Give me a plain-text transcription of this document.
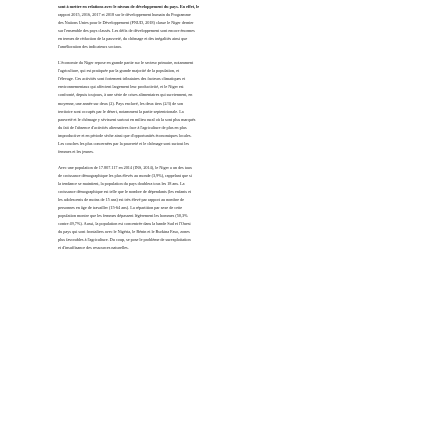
sont à mettre en relations avec le niveau de développement du pays. En effet, le

rapport 2015, 2016, 2017 et 2018 sur le développement humain du Programme

des Nations Unies pour le Développement (PNUD, 2018) classe le Niger dernier

sur l'ensemble des pays classés. Les défis de développement sont encore énormes

en termes de réduction de la pauvreté, du chômage et des inégalités ainsi que

l'amélioration des indicateurs sociaux.

L'économie du Niger repose en grande partie sur le secteur primaire, notamment

l'agriculture, qui est pratiquée par la grande majorité de la population, et

l'élevage. Ces activités sont fortement tributaires des facteurs climatiques et

environnementaux qui affectent largement leur productivité, et le Niger est

confronté, depuis toujours, à une série de crises alimentaires qui surviennent, en

moyenne, une année sur deux (2). Pays enclavé, les deux tiers (2/3) de son

territoire sont occupés par le désert, notamment la partie septentrionale. La

pauvreté et le chômage y sévissent surtout en milieu rural où la sont plus marqués

du fait de l'absence d'activités alternatives face à l'agriculture de plus en plus

improductive et en période sèche ainsi que d'opportunités économiques locales.

Les couches les plus concernées par la pauvreté et le chômage sont surtout les

femmes et les jeunes.

Avec une population de 17.807.117 en 2014 (INS, 2014), le Niger a un des taux

de croissance démographique les plus élevés au monde (3,9%), rappelant que si

la tendance se maintient, la population du pays doublera tous les 18 ans. La

croissance démographique est telle que le nombre de dépendants (les enfants et

les adolescents de moins de 15 ans) est très élevé par rapport au nombre de

personnes en âge de travailler (15-64 ans). La répartition par sexe de cette

population montre que les femmes dépassent légèrement les hommes (50,3%

contre 49,7%). Aussi, la population est concentrée dans la bande Sud et l'Ouest

du pays qui sont frontaliers avec le Nigéria, le Bénin et le Burkina Faso, zones

plus favorables à l'agriculture. Du coup, se pose le problème de surexploitation

et d'insuffisance des ressources naturelles.
